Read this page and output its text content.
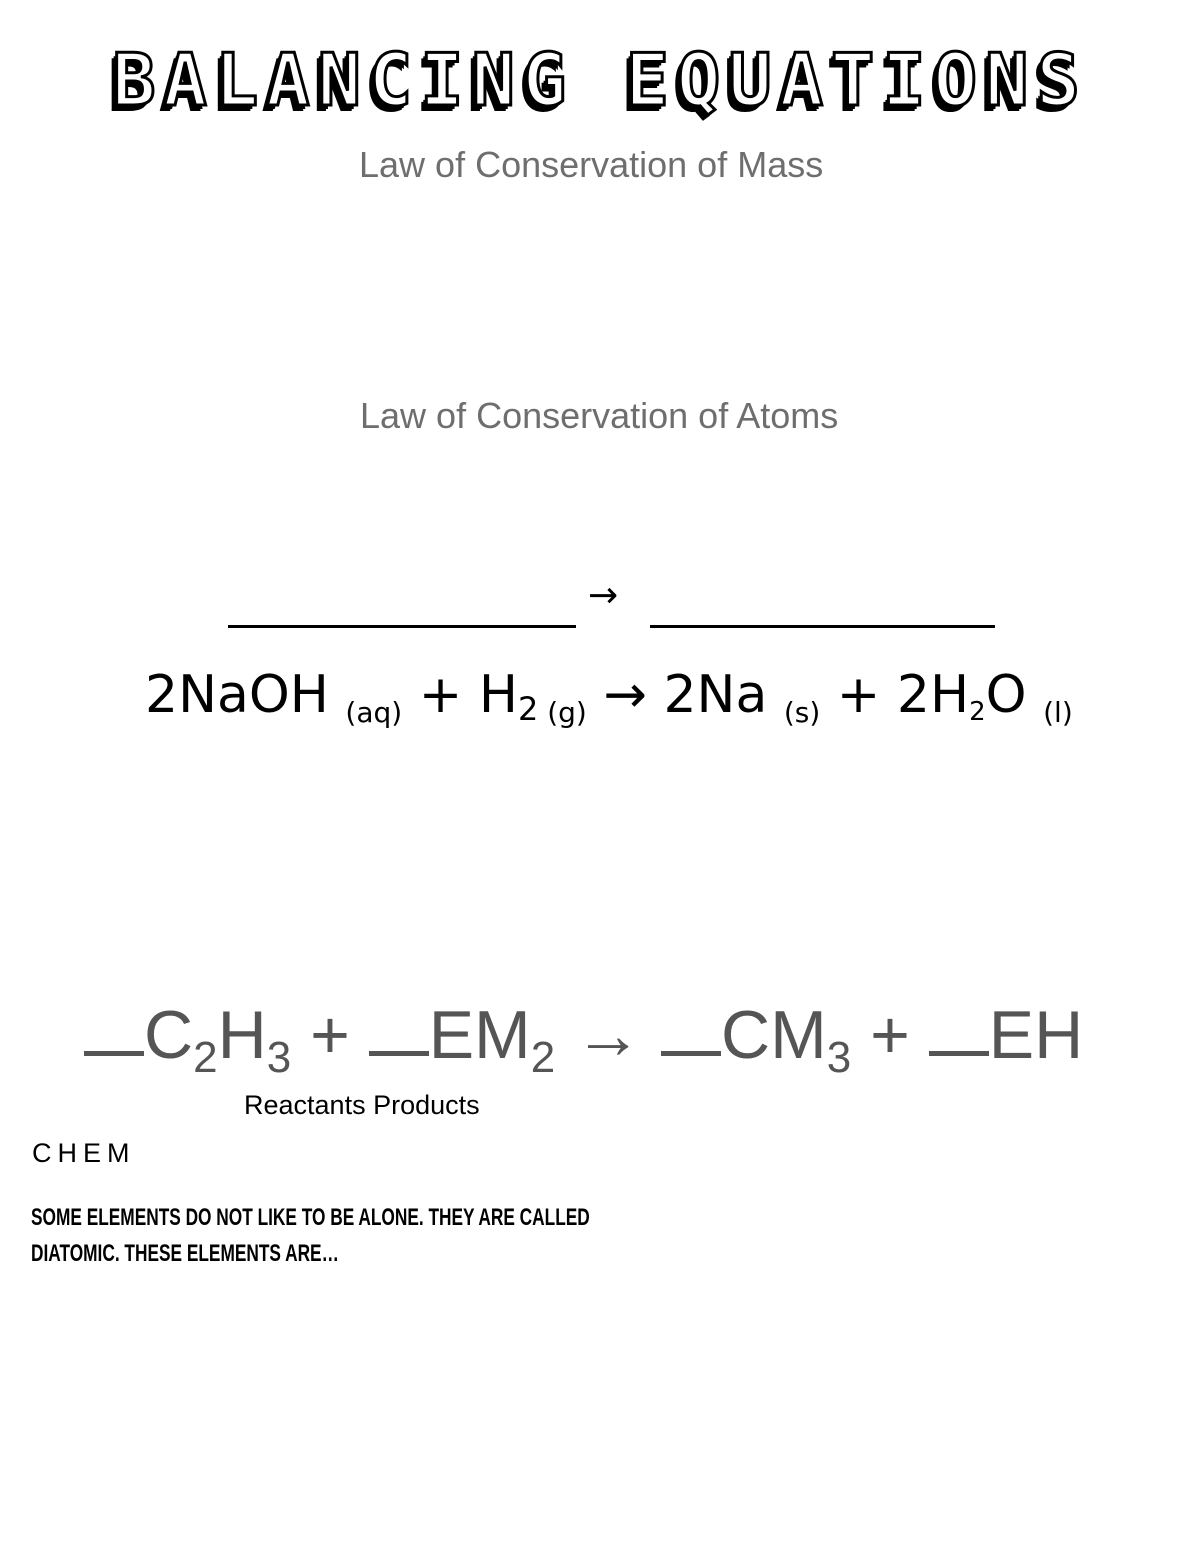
BALANCING EQUATIONS
Law of Conservation of Mass
Law of Conservation of Atoms
→
2NaOH (aq) + H2 (g) → 2Na (s) + 2H2O (l)
$C_2H_3 + EM_2 \to CM_3$ + EH
Reactants Products
CHEM
SOME ELEMENTS DO NOT LIKE TO BE ALONE. THEY ARE CALLED
DIATOMIC. THESE ELEMENTS ARE…
